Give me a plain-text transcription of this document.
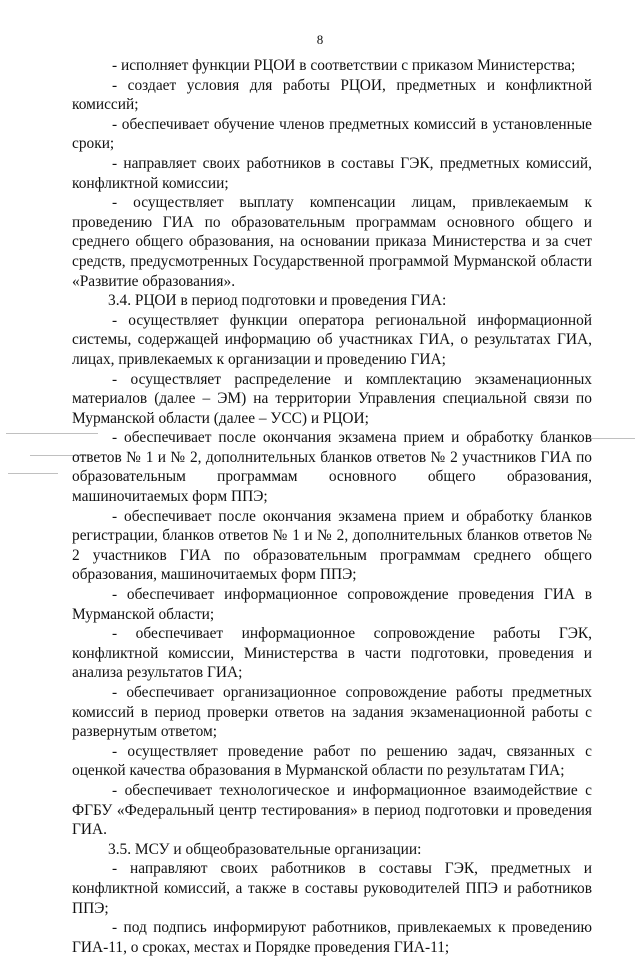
8

- исполняет функции РЦОИ в соответствии с приказом Министерства;

- создает условия для работы РЦОИ, предметных и конфликтной комиссий;

- обеспечивает обучение членов предметных комиссий в установленные сроки;

- направляет своих работников в составы ГЭК, предметных комиссий, конфликтной комиссии;

- осуществляет выплату компенсации лицам, привлекаемым к проведению ГИА по образовательным программам основного общего и среднего общего образования, на основании приказа Министерства и за счет средств, предусмотренных Государственной программой Мурманской области «Развитие образования».

3.4. РЦОИ в период подготовки и проведения ГИА:

- осуществляет функции оператора региональной информационной системы, содержащей информацию об участниках ГИА, о результатах ГИА, лицах, привлекаемых к организации и проведению ГИА;

- осуществляет распределение и комплектацию экзаменационных материалов (далее – ЭМ) на территории Управления специальной связи по Мурманской области (далее – УСС) и РЦОИ;

- обеспечивает после окончания экзамена прием и обработку бланков ответов № 1 и № 2, дополнительных бланков ответов № 2 участников ГИА по образовательным программам основного общего образования, машиночитаемых форм ППЭ;

- обеспечивает после окончания экзамена прием и обработку бланков регистрации, бланков ответов № 1 и № 2, дополнительных бланков ответов № 2 участников ГИА по образовательным программам среднего общего образования, машиночитаемых форм ППЭ;

- обеспечивает информационное сопровождение проведения ГИА в Мурманской области;

- обеспечивает информационное сопровождение работы ГЭК, конфликтной комиссии, Министерства в части подготовки, проведения и анализа результатов ГИА;

- обеспечивает организационное сопровождение работы предметных комиссий в период проверки ответов на задания экзаменационной работы с развернутым ответом;

- осуществляет проведение работ по решению задач, связанных с оценкой качества образования в Мурманской области по результатам ГИА;

- обеспечивает технологическое и информационное взаимодействие с ФГБУ «Федеральный центр тестирования» в период подготовки и проведения ГИА.

3.5. МСУ и общеобразовательные организации:

- направляют своих работников в составы ГЭК, предметных и конфликтной комиссий, а также в составы руководителей ППЭ и работников ППЭ;

- под подпись информируют работников, привлекаемых к проведению ГИА-11, о сроках, местах и Порядке проведения ГИА-11;
